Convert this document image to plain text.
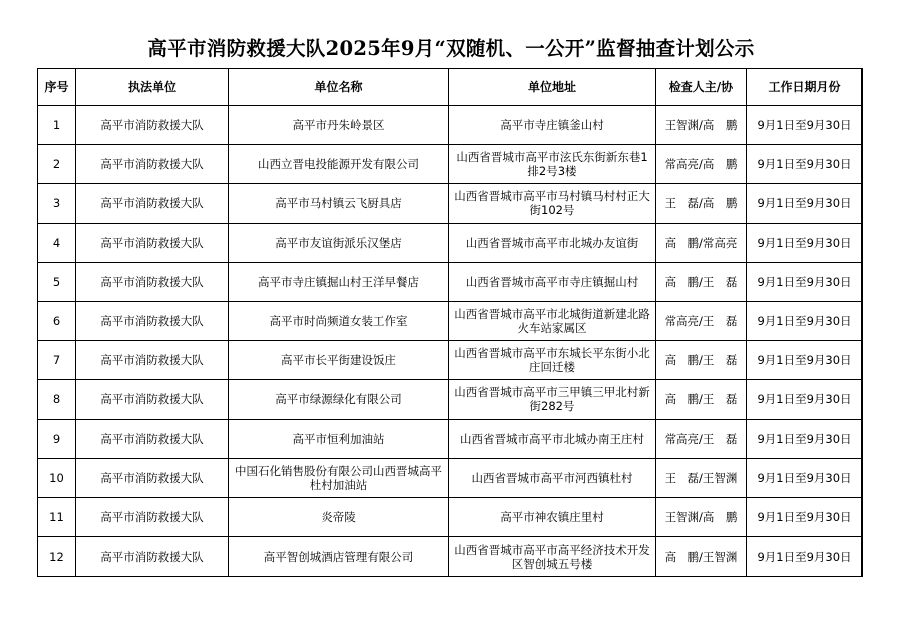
高平市消防救援大队2025年9月“双随机、一公开”监督抽查计划公示
序号	执法单位	单位名称	单位地址	检查人主/协	工作日期月份
1	高平市消防救援大队	高平市丹朱岭景区	高平市寺庄镇釜山村	王智渊/高　鹏	9月1日至9月30日
2	高平市消防救援大队	山西立晋电投能源开发有限公司	山西省晋城市高平市泫氏东街新东巷1排2号3楼	常高亮/高　鹏	9月1日至9月30日
3	高平市消防救援大队	高平市马村镇云飞厨具店	山西省晋城市高平市马村镇马村村正大街102号	王　磊/高　鹏	9月1日至9月30日
4	高平市消防救援大队	高平市友谊街派乐汉堡店	山西省晋城市高平市北城办友谊街	高　鹏/常高亮	9月1日至9月30日
5	高平市消防救援大队	高平市寺庄镇掘山村王洋早餐店	山西省晋城市高平市寺庄镇掘山村	高　鹏/王　磊	9月1日至9月30日
6	高平市消防救援大队	高平市时尚频道女装工作室	山西省晋城市高平市北城街道新建北路火车站家属区	常高亮/王　磊	9月1日至9月30日
7	高平市消防救援大队	高平市长平街建设饭庄	山西省晋城市高平市东城长平东街小北庄回迁楼	高　鹏/王　磊	9月1日至9月30日
8	高平市消防救援大队	高平市绿源绿化有限公司	山西省晋城市高平市三甲镇三甲北村新街282号	高　鹏/王　磊	9月1日至9月30日
9	高平市消防救援大队	高平市恒利加油站	山西省晋城市高平市北城办南王庄村	常高亮/王　磊	9月1日至9月30日
10	高平市消防救援大队	中国石化销售股份有限公司山西晋城高平杜村加油站	山西省晋城市高平市河西镇杜村	王　磊/王智渊	9月1日至9月30日
11	高平市消防救援大队	炎帝陵	高平市神农镇庄里村	王智渊/高　鹏	9月1日至9月30日
12	高平市消防救援大队	高平智创城酒店管理有限公司	山西省晋城市高平市高平经济技术开发区智创城五号楼	高　鹏/王智渊	9月1日至9月30日
